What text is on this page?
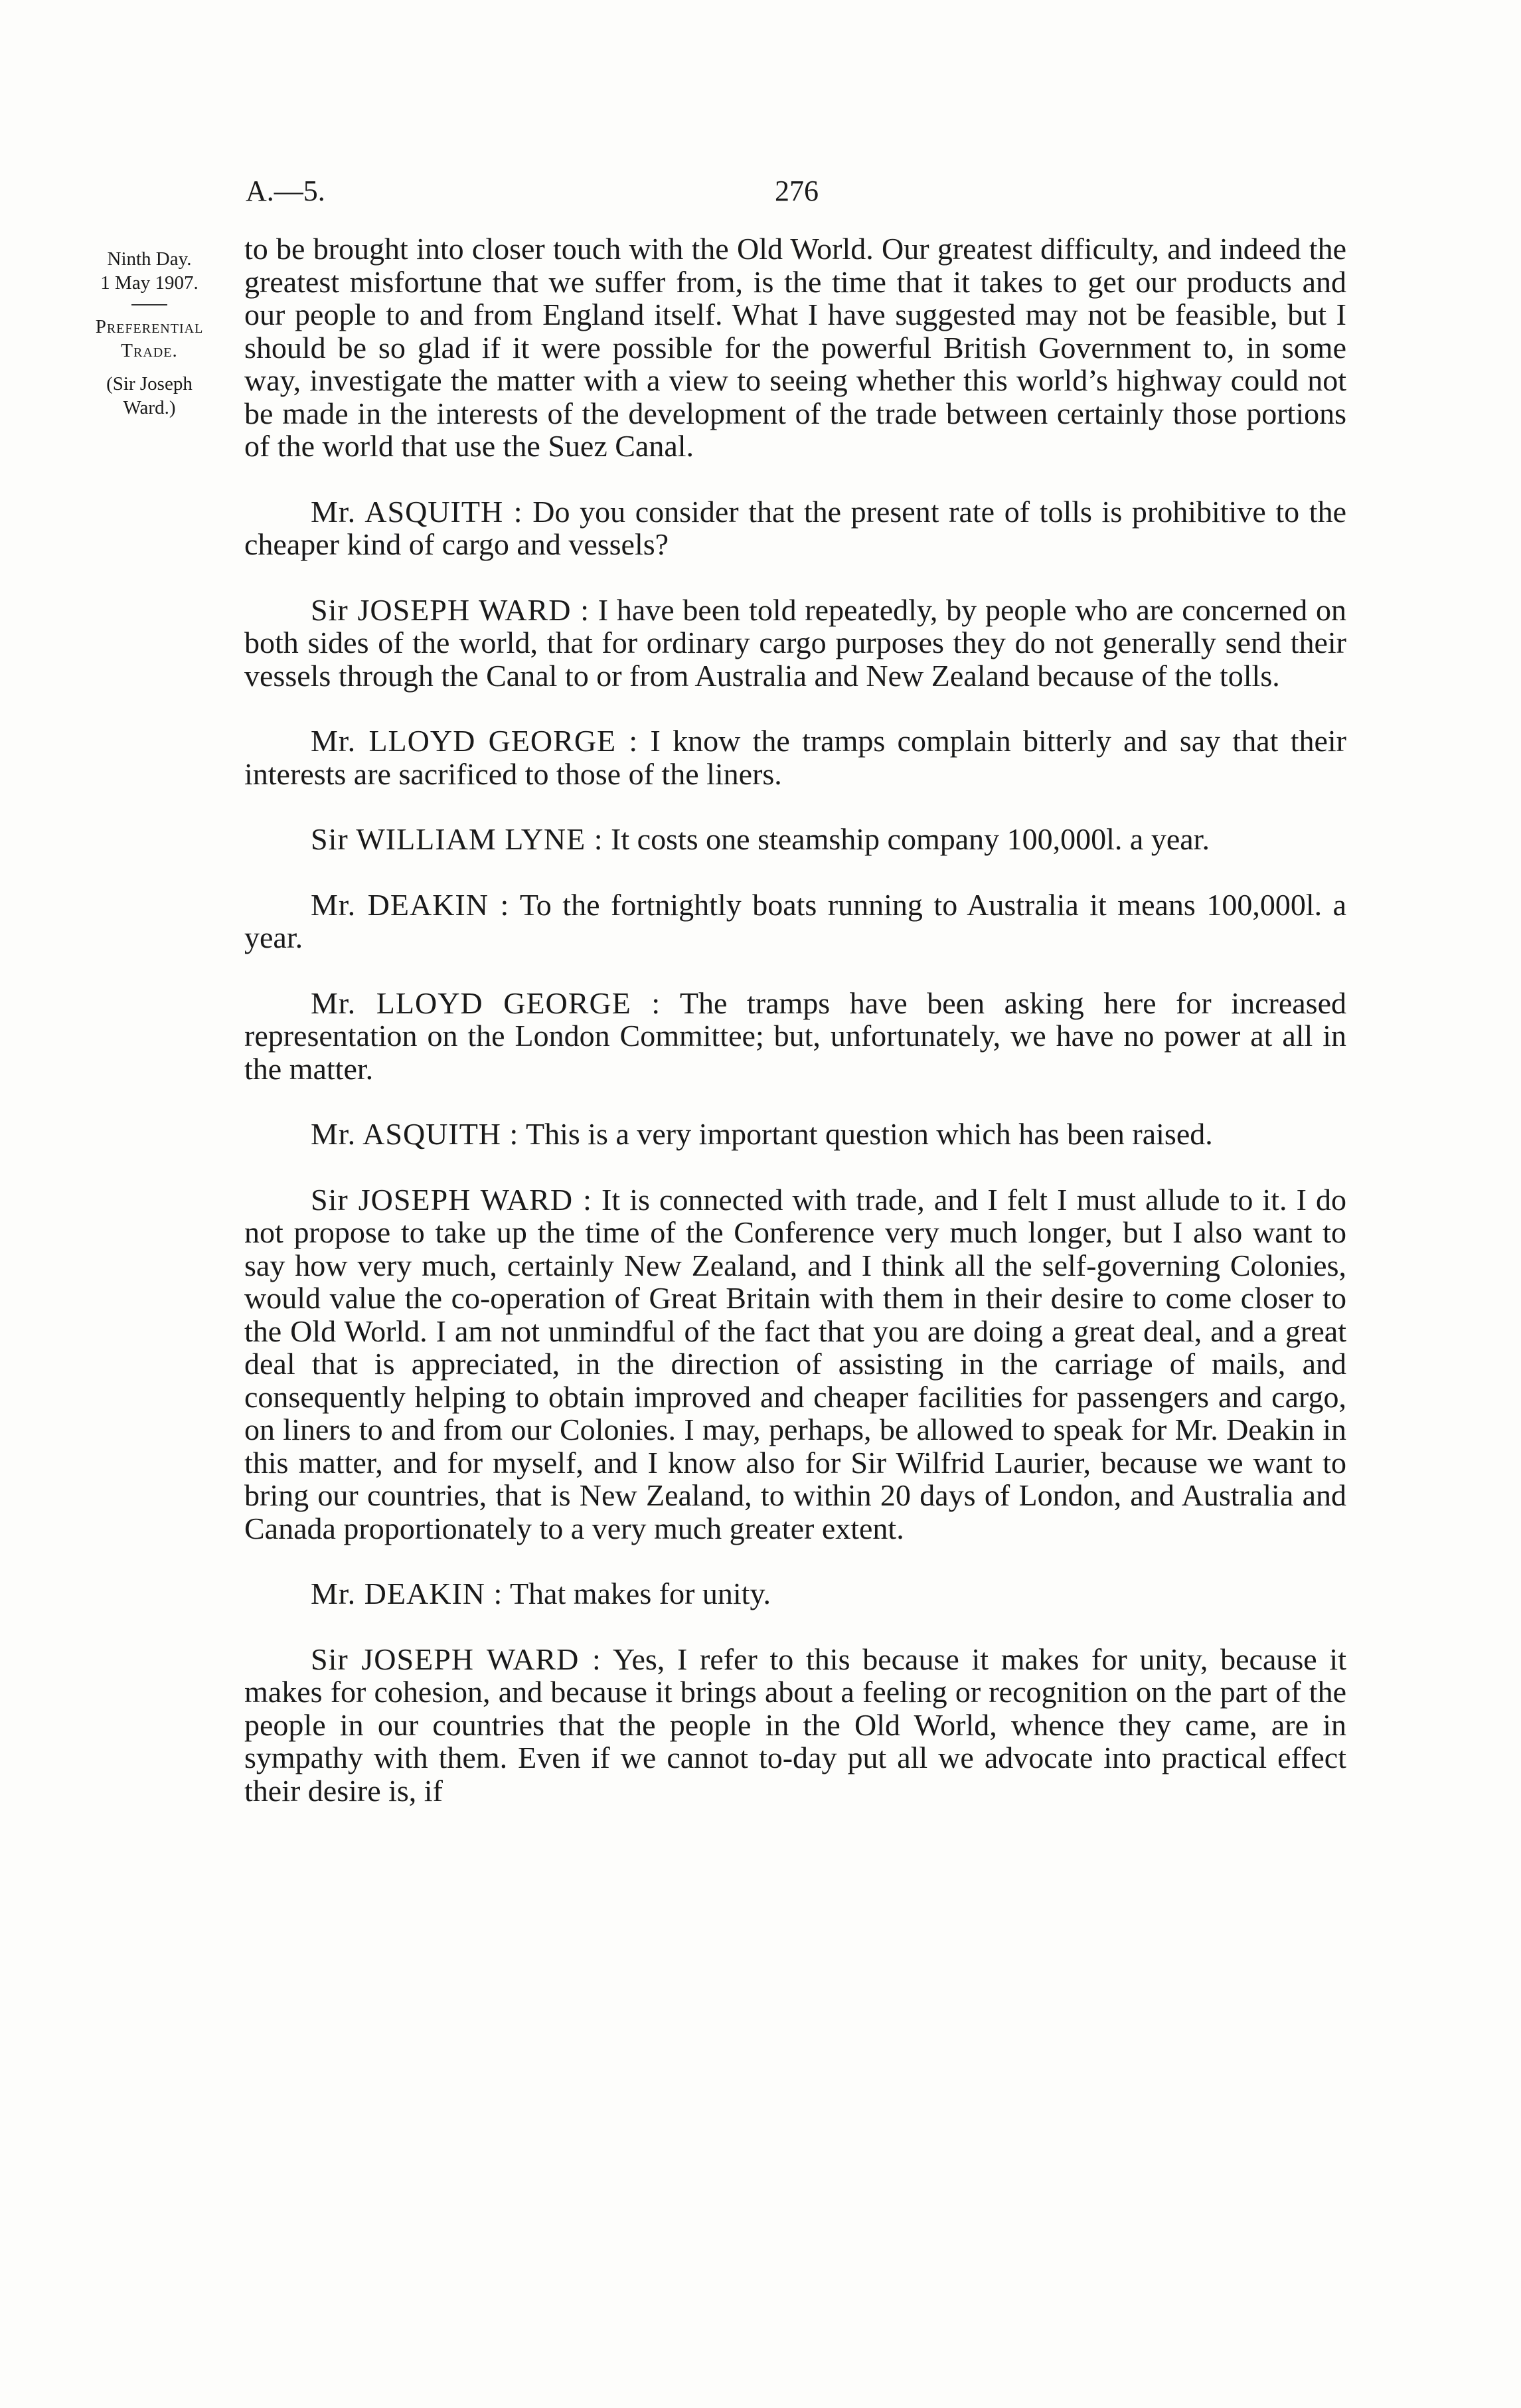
A.—5.	276
Ninth Day.
1 May 1907.
Preferential
Trade.
(Sir Joseph
Ward.)

to be brought into closer touch with the Old World. Our greatest difficulty, and indeed the greatest misfortune that we suffer from, is the time that it takes to get our products and our people to and from England itself. What I have suggested may not be feasible, but I should be so glad if it were possible for the powerful British Government to, in some way, investigate the matter with a view to seeing whether this world’s highway could not be made in the interests of the development of the trade between certainly those portions of the world that use the Suez Canal.

Mr. ASQUITH : Do you consider that the present rate of tolls is prohibitive to the cheaper kind of cargo and vessels?

Sir JOSEPH WARD : I have been told repeatedly, by people who are concerned on both sides of the world, that for ordinary cargo purposes they do not generally send their vessels through the Canal to or from Australia and New Zealand because of the tolls.

Mr. LLOYD GEORGE : I know the tramps complain bitterly and say that their interests are sacrificed to those of the liners.

Sir WILLIAM LYNE : It costs one steamship company 100,000l. a year.

Mr. DEAKIN : To the fortnightly boats running to Australia it means 100,000l. a year.

Mr. LLOYD GEORGE : The tramps have been asking here for increased representation on the London Committee; but, unfortunately, we have no power at all in the matter.

Mr. ASQUITH : This is a very important question which has been raised.

Sir JOSEPH WARD : It is connected with trade, and I felt I must allude to it. I do not propose to take up the time of the Conference very much longer, but I also want to say how very much, certainly New Zealand, and I think all the self-governing Colonies, would value the co-operation of Great Britain with them in their desire to come closer to the Old World. I am not unmindful of the fact that you are doing a great deal, and a great deal that is appreciated, in the direction of assisting in the carriage of mails, and consequently helping to obtain improved and cheaper facilities for passengers and cargo, on liners to and from our Colonies. I may, perhaps, be allowed to speak for Mr. Deakin in this matter, and for myself, and I know also for Sir Wilfrid Laurier, because we want to bring our countries, that is New Zealand, to within 20 days of London, and Australia and Canada proportionately to a very much greater extent.

Mr. DEAKIN : That makes for unity.

Sir JOSEPH WARD : Yes, I refer to this because it makes for unity, because it makes for cohesion, and because it brings about a feeling or recognition on the part of the people in our countries that the people in the Old World, whence they came, are in sympathy with them. Even if we cannot to-day put all we advocate into practical effect their desire is, if
